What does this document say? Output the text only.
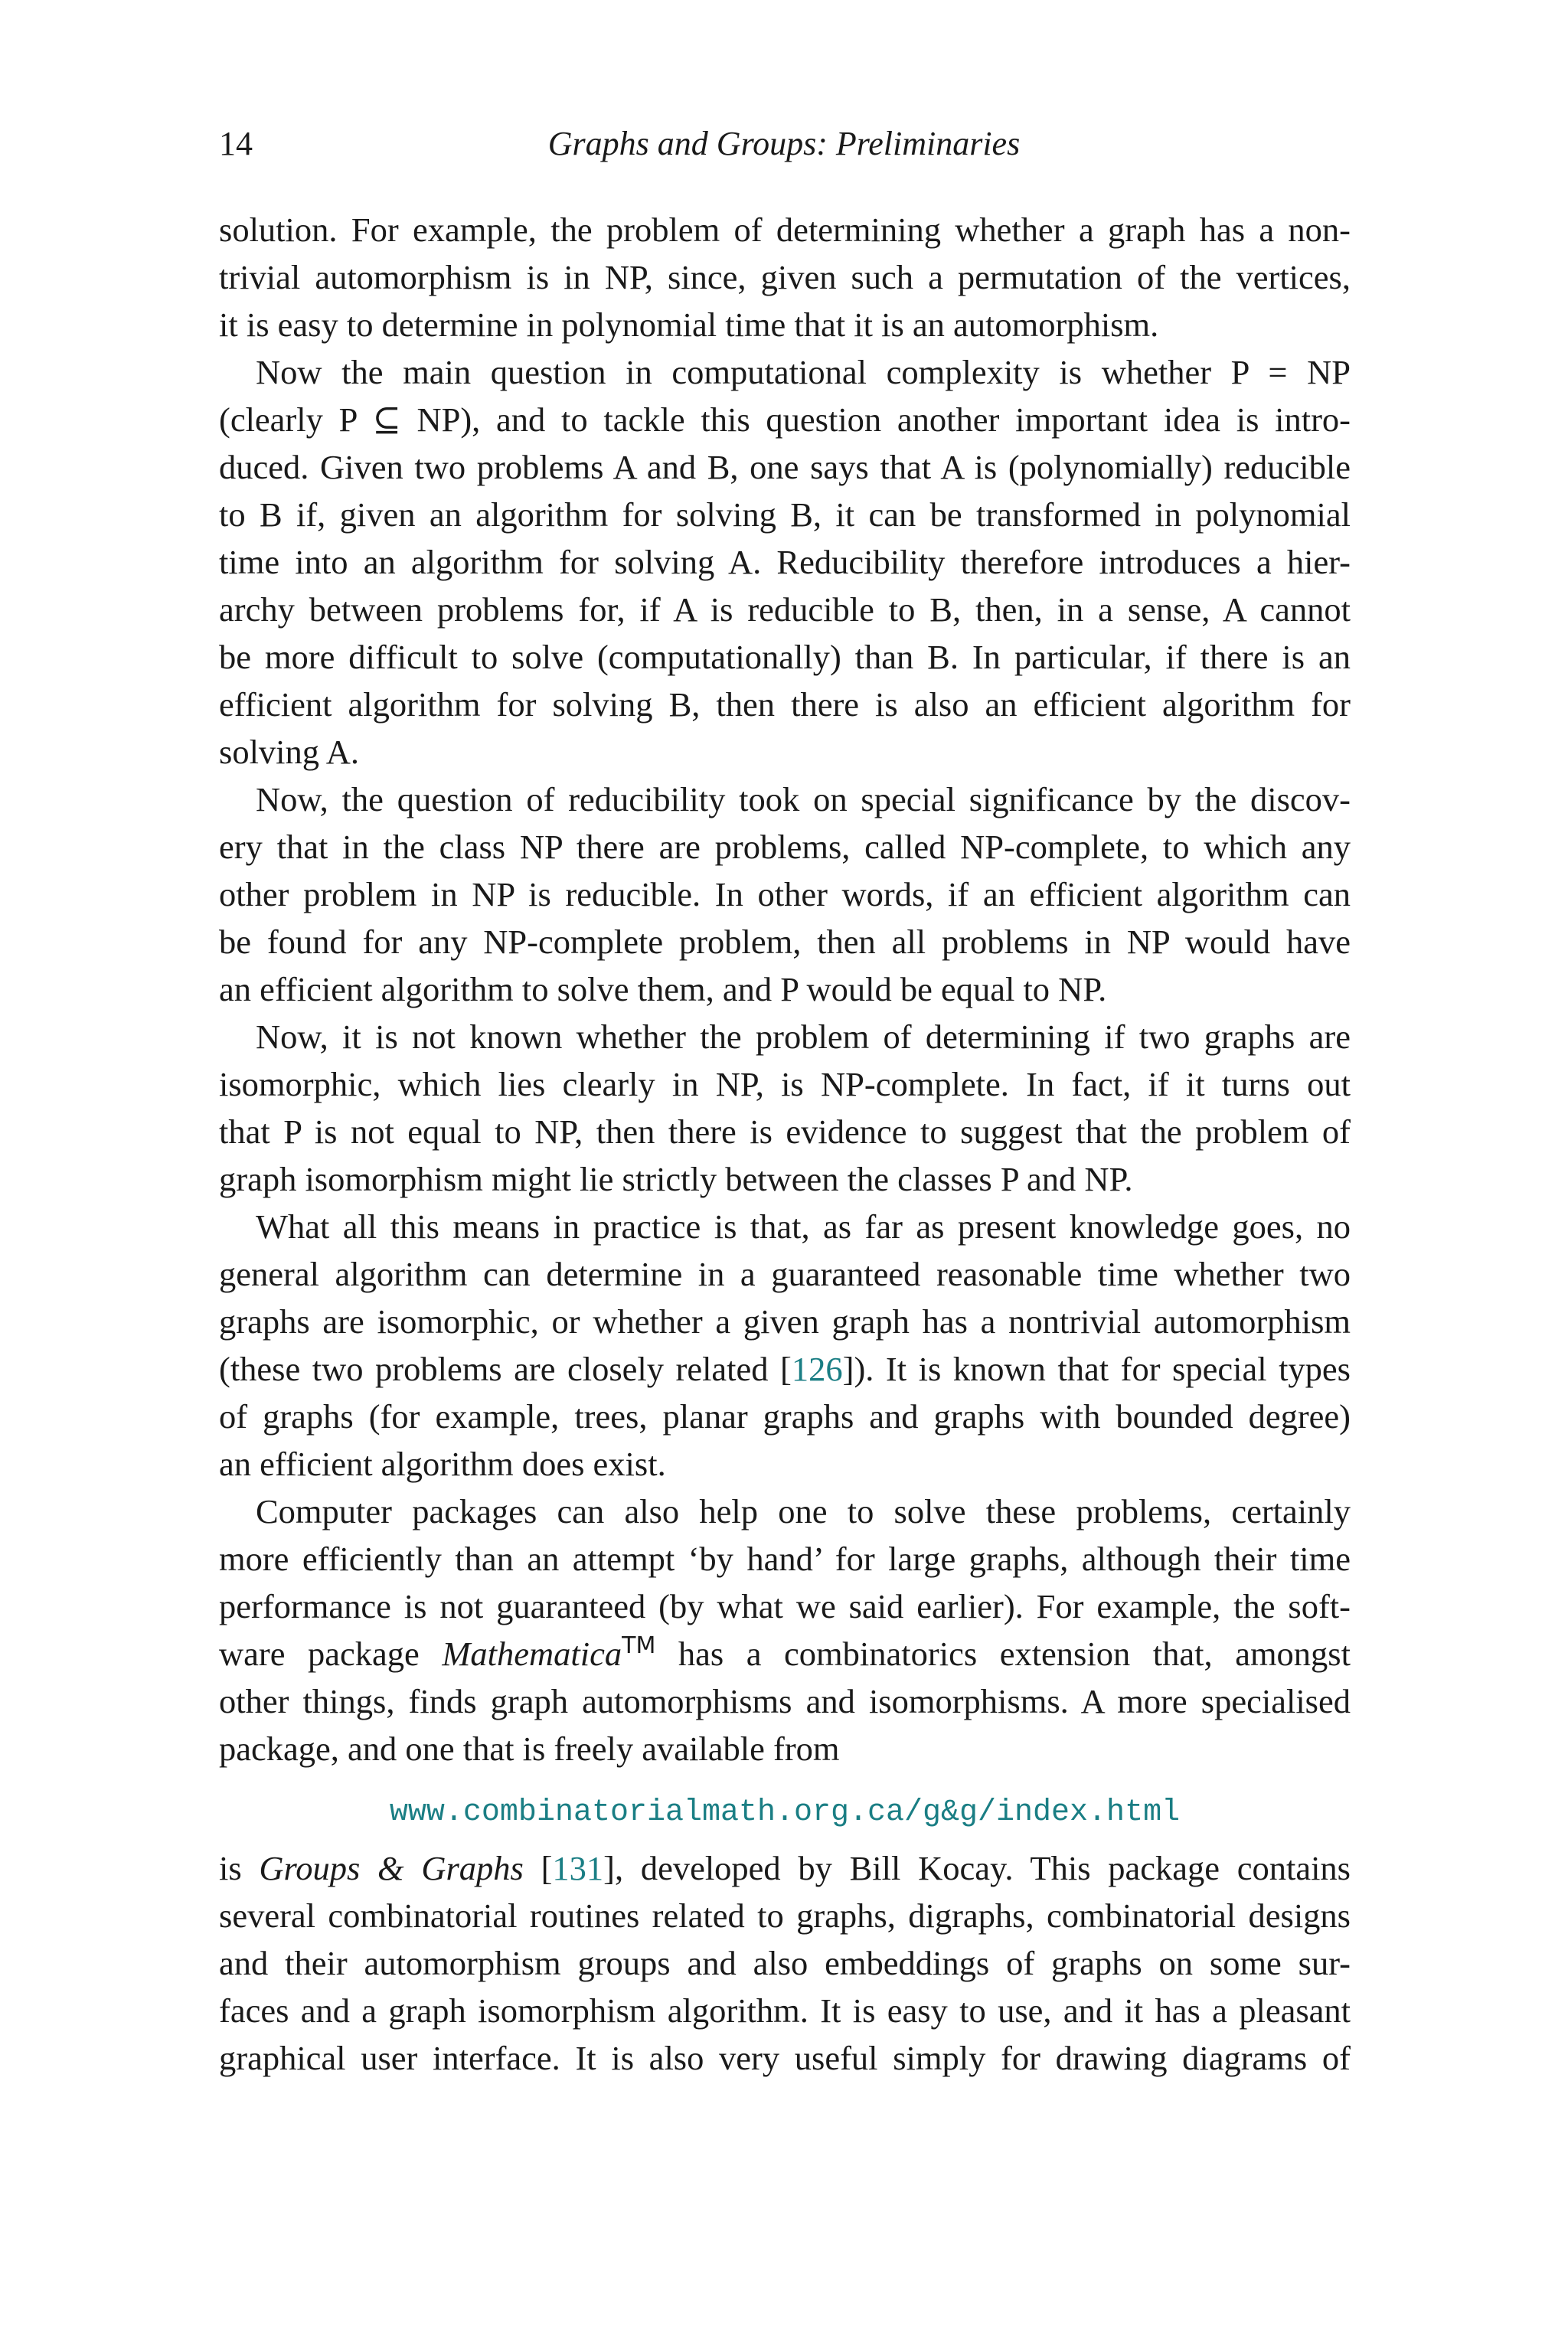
14	Graphs and Groups: Preliminaries

solution. For example, the problem of determining whether a graph has a non-
trivial automorphism is in NP, since, given such a permutation of the vertices,
it is easy to determine in polynomial time that it is an automorphism.

Now the main question in computational complexity is whether P = NP
(clearly P ⊆ NP), and to tackle this question another important idea is intro-
duced. Given two problems A and B, one says that A is (polynomially) reducible
to B if, given an algorithm for solving B, it can be transformed in polynomial
time into an algorithm for solving A. Reducibility therefore introduces a hier-
archy between problems for, if A is reducible to B, then, in a sense, A cannot
be more difficult to solve (computationally) than B. In particular, if there is an
efficient algorithm for solving B, then there is also an efficient algorithm for
solving A.

Now, the question of reducibility took on special significance by the discov-
ery that in the class NP there are problems, called NP-complete, to which any
other problem in NP is reducible. In other words, if an efficient algorithm can
be found for any NP-complete problem, then all problems in NP would have
an efficient algorithm to solve them, and P would be equal to NP.

Now, it is not known whether the problem of determining if two graphs are
isomorphic, which lies clearly in NP, is NP-complete. In fact, if it turns out
that P is not equal to NP, then there is evidence to suggest that the problem of
graph isomorphism might lie strictly between the classes P and NP.

What all this means in practice is that, as far as present knowledge goes, no
general algorithm can determine in a guaranteed reasonable time whether two
graphs are isomorphic, or whether a given graph has a nontrivial automorphism
(these two problems are closely related [126]). It is known that for special types
of graphs (for example, trees, planar graphs and graphs with bounded degree)
an efficient algorithm does exist.

Computer packages can also help one to solve these problems, certainly
more efficiently than an attempt ‘by hand’ for large graphs, although their time
performance is not guaranteed (by what we said earlier). For example, the soft-
ware package Mathematica™ has a combinatorics extension that, amongst
other things, finds graph automorphisms and isomorphisms. A more specialised
package, and one that is freely available from

www.combinatorialmath.org.ca/g&g/index.html

is Groups & Graphs [131], developed by Bill Kocay. This package contains
several combinatorial routines related to graphs, digraphs, combinatorial designs
and their automorphism groups and also embeddings of graphs on some sur-
faces and a graph isomorphism algorithm. It is easy to use, and it has a pleasant
graphical user interface. It is also very useful simply for drawing diagrams of
